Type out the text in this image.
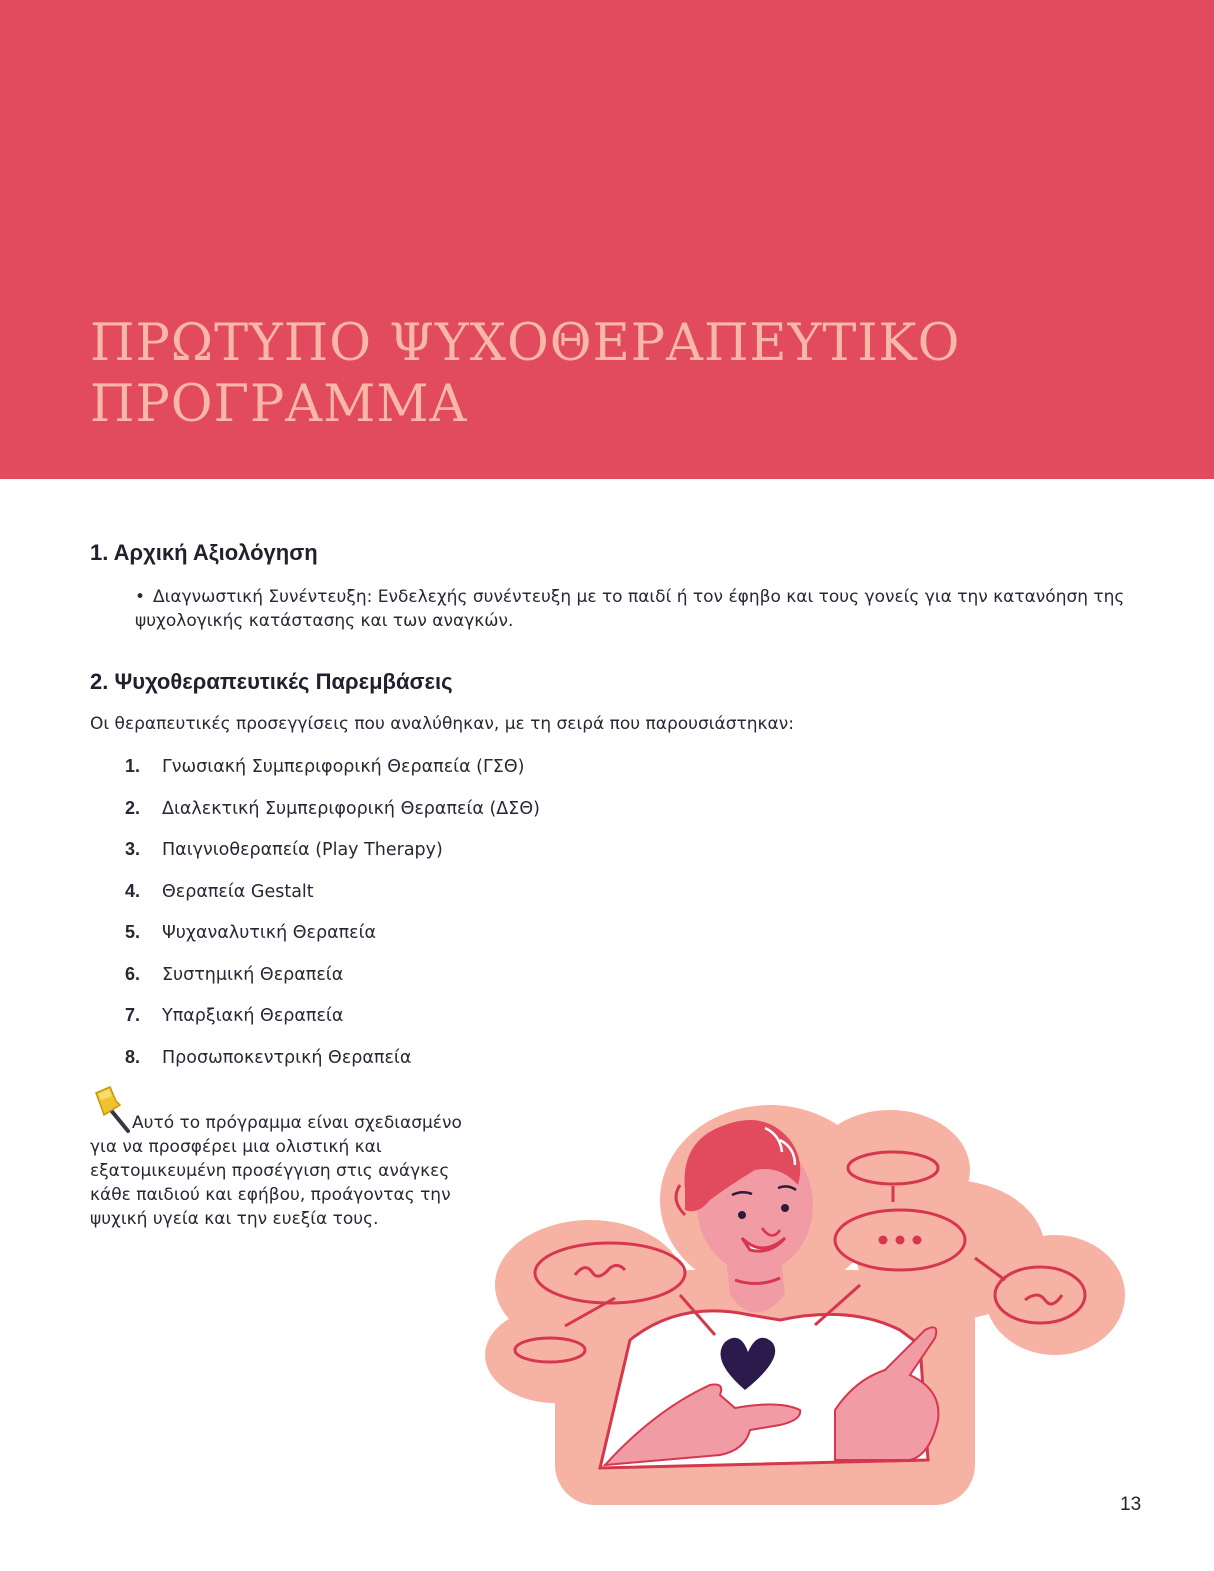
ΠΡΩΤΥΠΟ ΨΥΧΟΘΕΡΑΠΕΥΤΙΚΟ
ΠΡΟΓΡΑΜΜΑ
1. Αρχική Αξιολόγηση
• Διαγνωστική Συνέντευξη: Ενδελεχής συνέντευξη με το παιδί ή τον έφηβο και τους γονείς για την κατανόηση της ψυχολογικής κατάστασης και των αναγκών.
2. Ψυχοθεραπευτικές Παρεμβάσεις
Οι θεραπευτικές προσεγγίσεις που αναλύθηκαν, με τη σειρά που παρουσιάστηκαν:
1. Γνωσιακή Συμπεριφορική Θεραπεία (ΓΣΘ)
2. Διαλεκτική Συμπεριφορική Θεραπεία (ΔΣΘ)
3. Παιγνιοθεραπεία (Play Therapy)
4. Θεραπεία Gestalt
5. Ψυχαναλυτική Θεραπεία
6. Συστημική Θεραπεία
7. Υπαρξιακή Θεραπεία
8. Προσωποκεντρική Θεραπεία

Αυτό το πρόγραμμα είναι σχεδιασμένο για να προσφέρει μια ολιστική και εξατομικευμένη προσέγγιση στις ανάγκες κάθε παιδιού και εφήβου, προάγοντας την ψυχική υγεία και την ευεξία τους.

13
